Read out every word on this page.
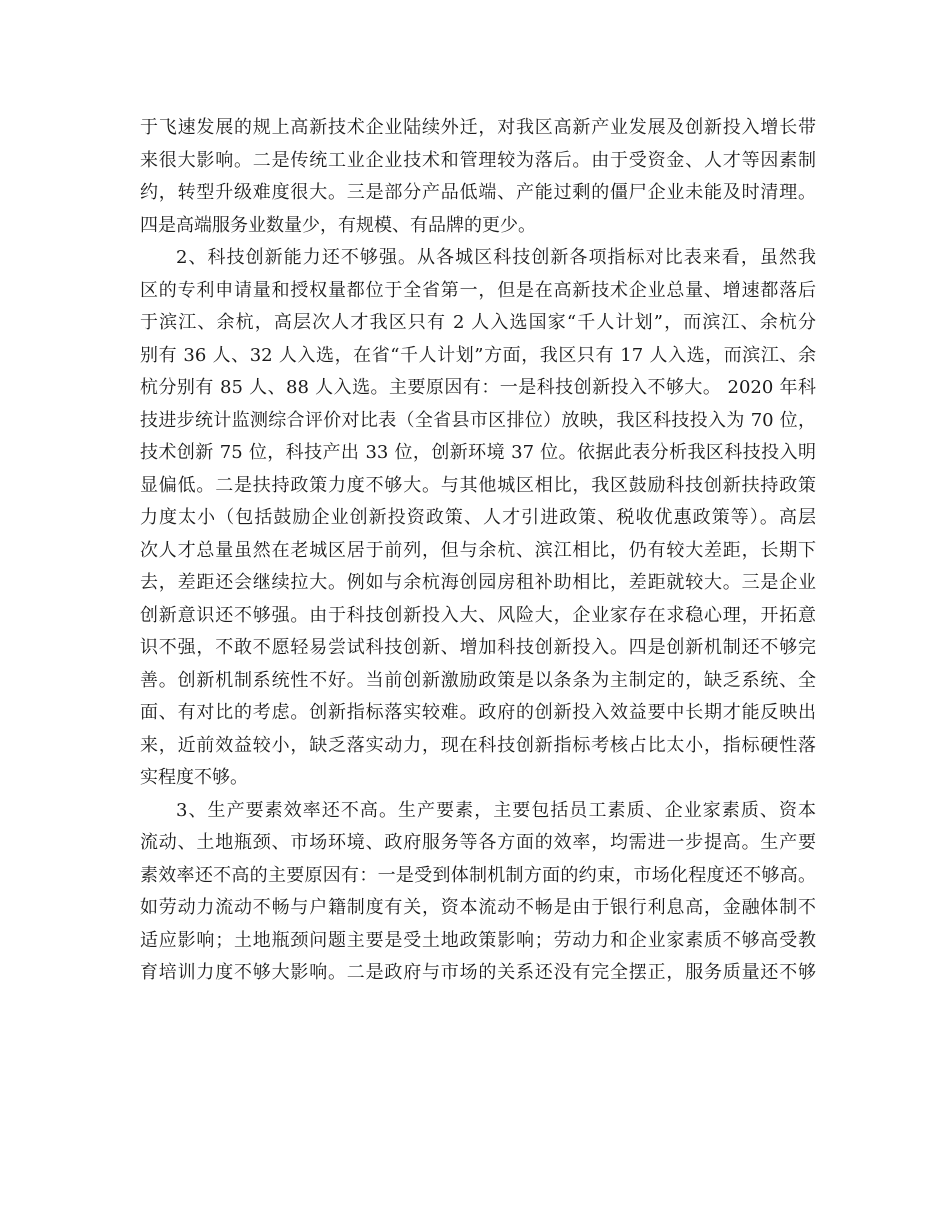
于飞速发展的规上高新技术企业陆续外迁，对我区高新产业发展及创新投入增长带
来很大影响。二是传统工业企业技术和管理较为落后。由于受资金、人才等因素制
约，转型升级难度很大。三是部分产品低端、产能过剩的僵尸企业未能及时清理。
四是高端服务业数量少，有规模、有品牌的更少。
2、科技创新能力还不够强。从各城区科技创新各项指标对比表来看，虽然我
区的专利申请量和授权量都位于全省第一，但是在高新技术企业总量、增速都落后
于滨江、余杭，高层次人才我区只有 2 人入选国家“千人计划”，而滨江、余杭分
别有 36 人、32 人入选，在省“千人计划”方面，我区只有 17 人入选，而滨江、余
杭分别有 85 人、88 人入选。主要原因有：一是科技创新投入不够大。 2020 年科
技进步统计监测综合评价对比表（全省县市区排位）放映，我区科技投入为 70 位，
技术创新 75 位，科技产出 33 位，创新环境 37 位。依据此表分析我区科技投入明
显偏低。二是扶持政策力度不够大。与其他城区相比，我区鼓励科技创新扶持政策
力度太小（包括鼓励企业创新投资政策、人才引进政策、税收优惠政策等）。高层
次人才总量虽然在老城区居于前列，但与余杭、滨江相比，仍有较大差距，长期下
去，差距还会继续拉大。例如与余杭海创园房租补助相比，差距就较大。三是企业
创新意识还不够强。由于科技创新投入大、风险大，企业家存在求稳心理，开拓意
识不强，不敢不愿轻易尝试科技创新、增加科技创新投入。四是创新机制还不够完
善。创新机制系统性不好。当前创新激励政策是以条条为主制定的，缺乏系统、全
面、有对比的考虑。创新指标落实较难。政府的创新投入效益要中长期才能反映出
来，近前效益较小，缺乏落实动力，现在科技创新指标考核占比太小，指标硬性落
实程度不够。
3、生产要素效率还不高。生产要素，主要包括员工素质、企业家素质、资本
流动、土地瓶颈、市场环境、政府服务等各方面的效率，均需进一步提高。生产要
素效率还不高的主要原因有：一是受到体制机制方面的约束，市场化程度还不够高。
如劳动力流动不畅与户籍制度有关，资本流动不畅是由于银行利息高，金融体制不
适应影响；土地瓶颈问题主要是受土地政策影响；劳动力和企业家素质不够高受教
育培训力度不够大影响。二是政府与市场的关系还没有完全摆正，服务质量还不够
